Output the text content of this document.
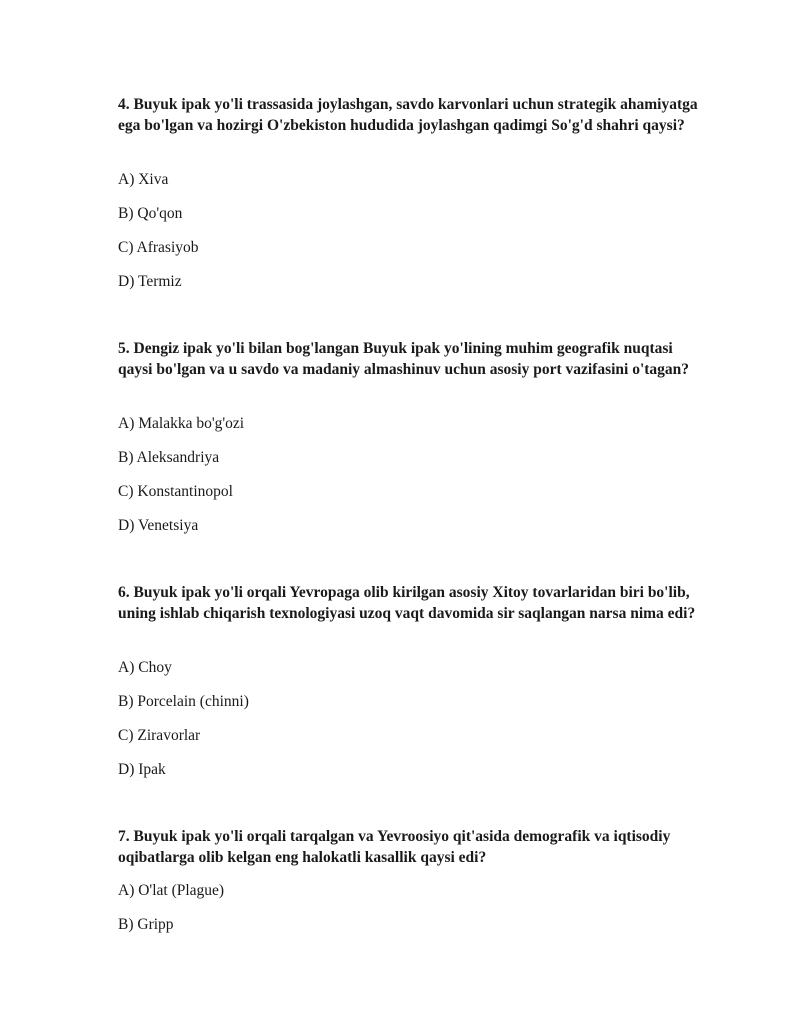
4. Buyuk ipak yo'li trassasida joylashgan, savdo karvonlari uchun strategik ahamiyatga ega bo'lgan va hozirgi O'zbekiston hududida joylashgan qadimgi So'g'd shahri qaysi?

A) Xiva

B) Qo'qon

C) Afrasiyob

D) Termiz

5. Dengiz ipak yo'li bilan bog'langan Buyuk ipak yo'lining muhim geografik nuqtasi qaysi bo'lgan va u savdo va madaniy almashinuv uchun asosiy port vazifasini o'tagan?

A) Malakka bo'g'ozi

B) Aleksandriya

C) Konstantinopol

D) Venetsiya

6. Buyuk ipak yo'li orqali Yevropaga olib kirilgan asosiy Xitoy tovarlaridan biri bo'lib, uning ishlab chiqarish texnologiyasi uzoq vaqt davomida sir saqlangan narsa nima edi?

A) Choy

B) Porcelain (chinni)

C) Ziravorlar

D) Ipak

7. Buyuk ipak yo'li orqali tarqalgan va Yevroosiyo qit'asida demografik va iqtisodiy oqibatlarga olib kelgan eng halokatli kasallik qaysi edi?

A) O'lat (Plague)

B) Gripp
